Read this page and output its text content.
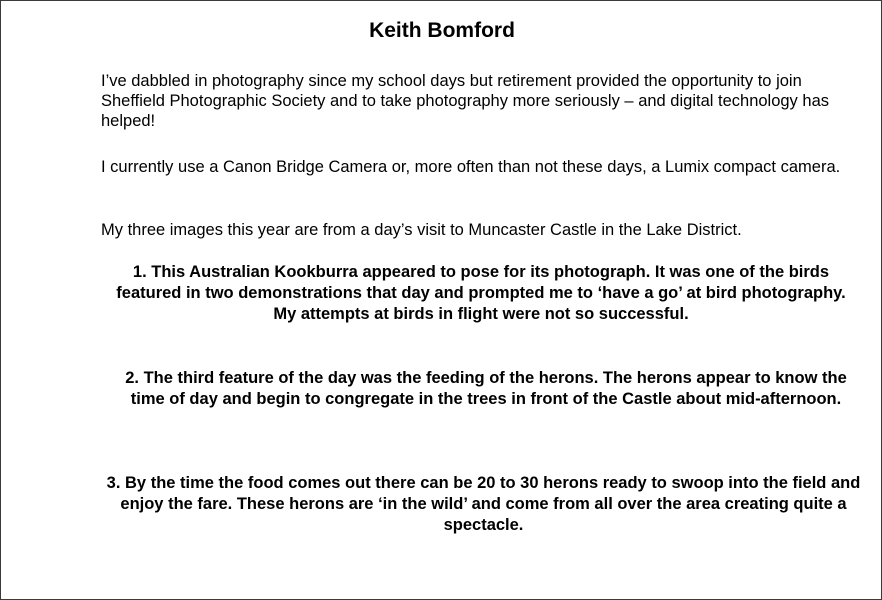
Keith Bomford

I’ve dabbled in photography since my school days but retirement provided the opportunity to join Sheffield Photographic Society and to take photography more seriously – and digital technology has helped!

I currently use a Canon Bridge Camera or, more often than not these days, a Lumix compact camera.

My three images this year are from a day’s visit to Muncaster Castle in the Lake District.

1. This Australian Kookburra appeared to pose for its photograph. It was one of the birds featured in two demonstrations that day and prompted me to ‘have a go’ at bird photography. My attempts at birds in flight were not so successful.

2. The third feature of the day was the feeding of the herons. The herons appear to know the time of day and begin to congregate in the trees in front of the Castle about mid-afternoon.

3. By the time the food comes out there can be 20 to 30 herons ready to swoop into the field and enjoy the fare. These herons are ‘in the wild’ and come from all over the area creating quite a spectacle.
